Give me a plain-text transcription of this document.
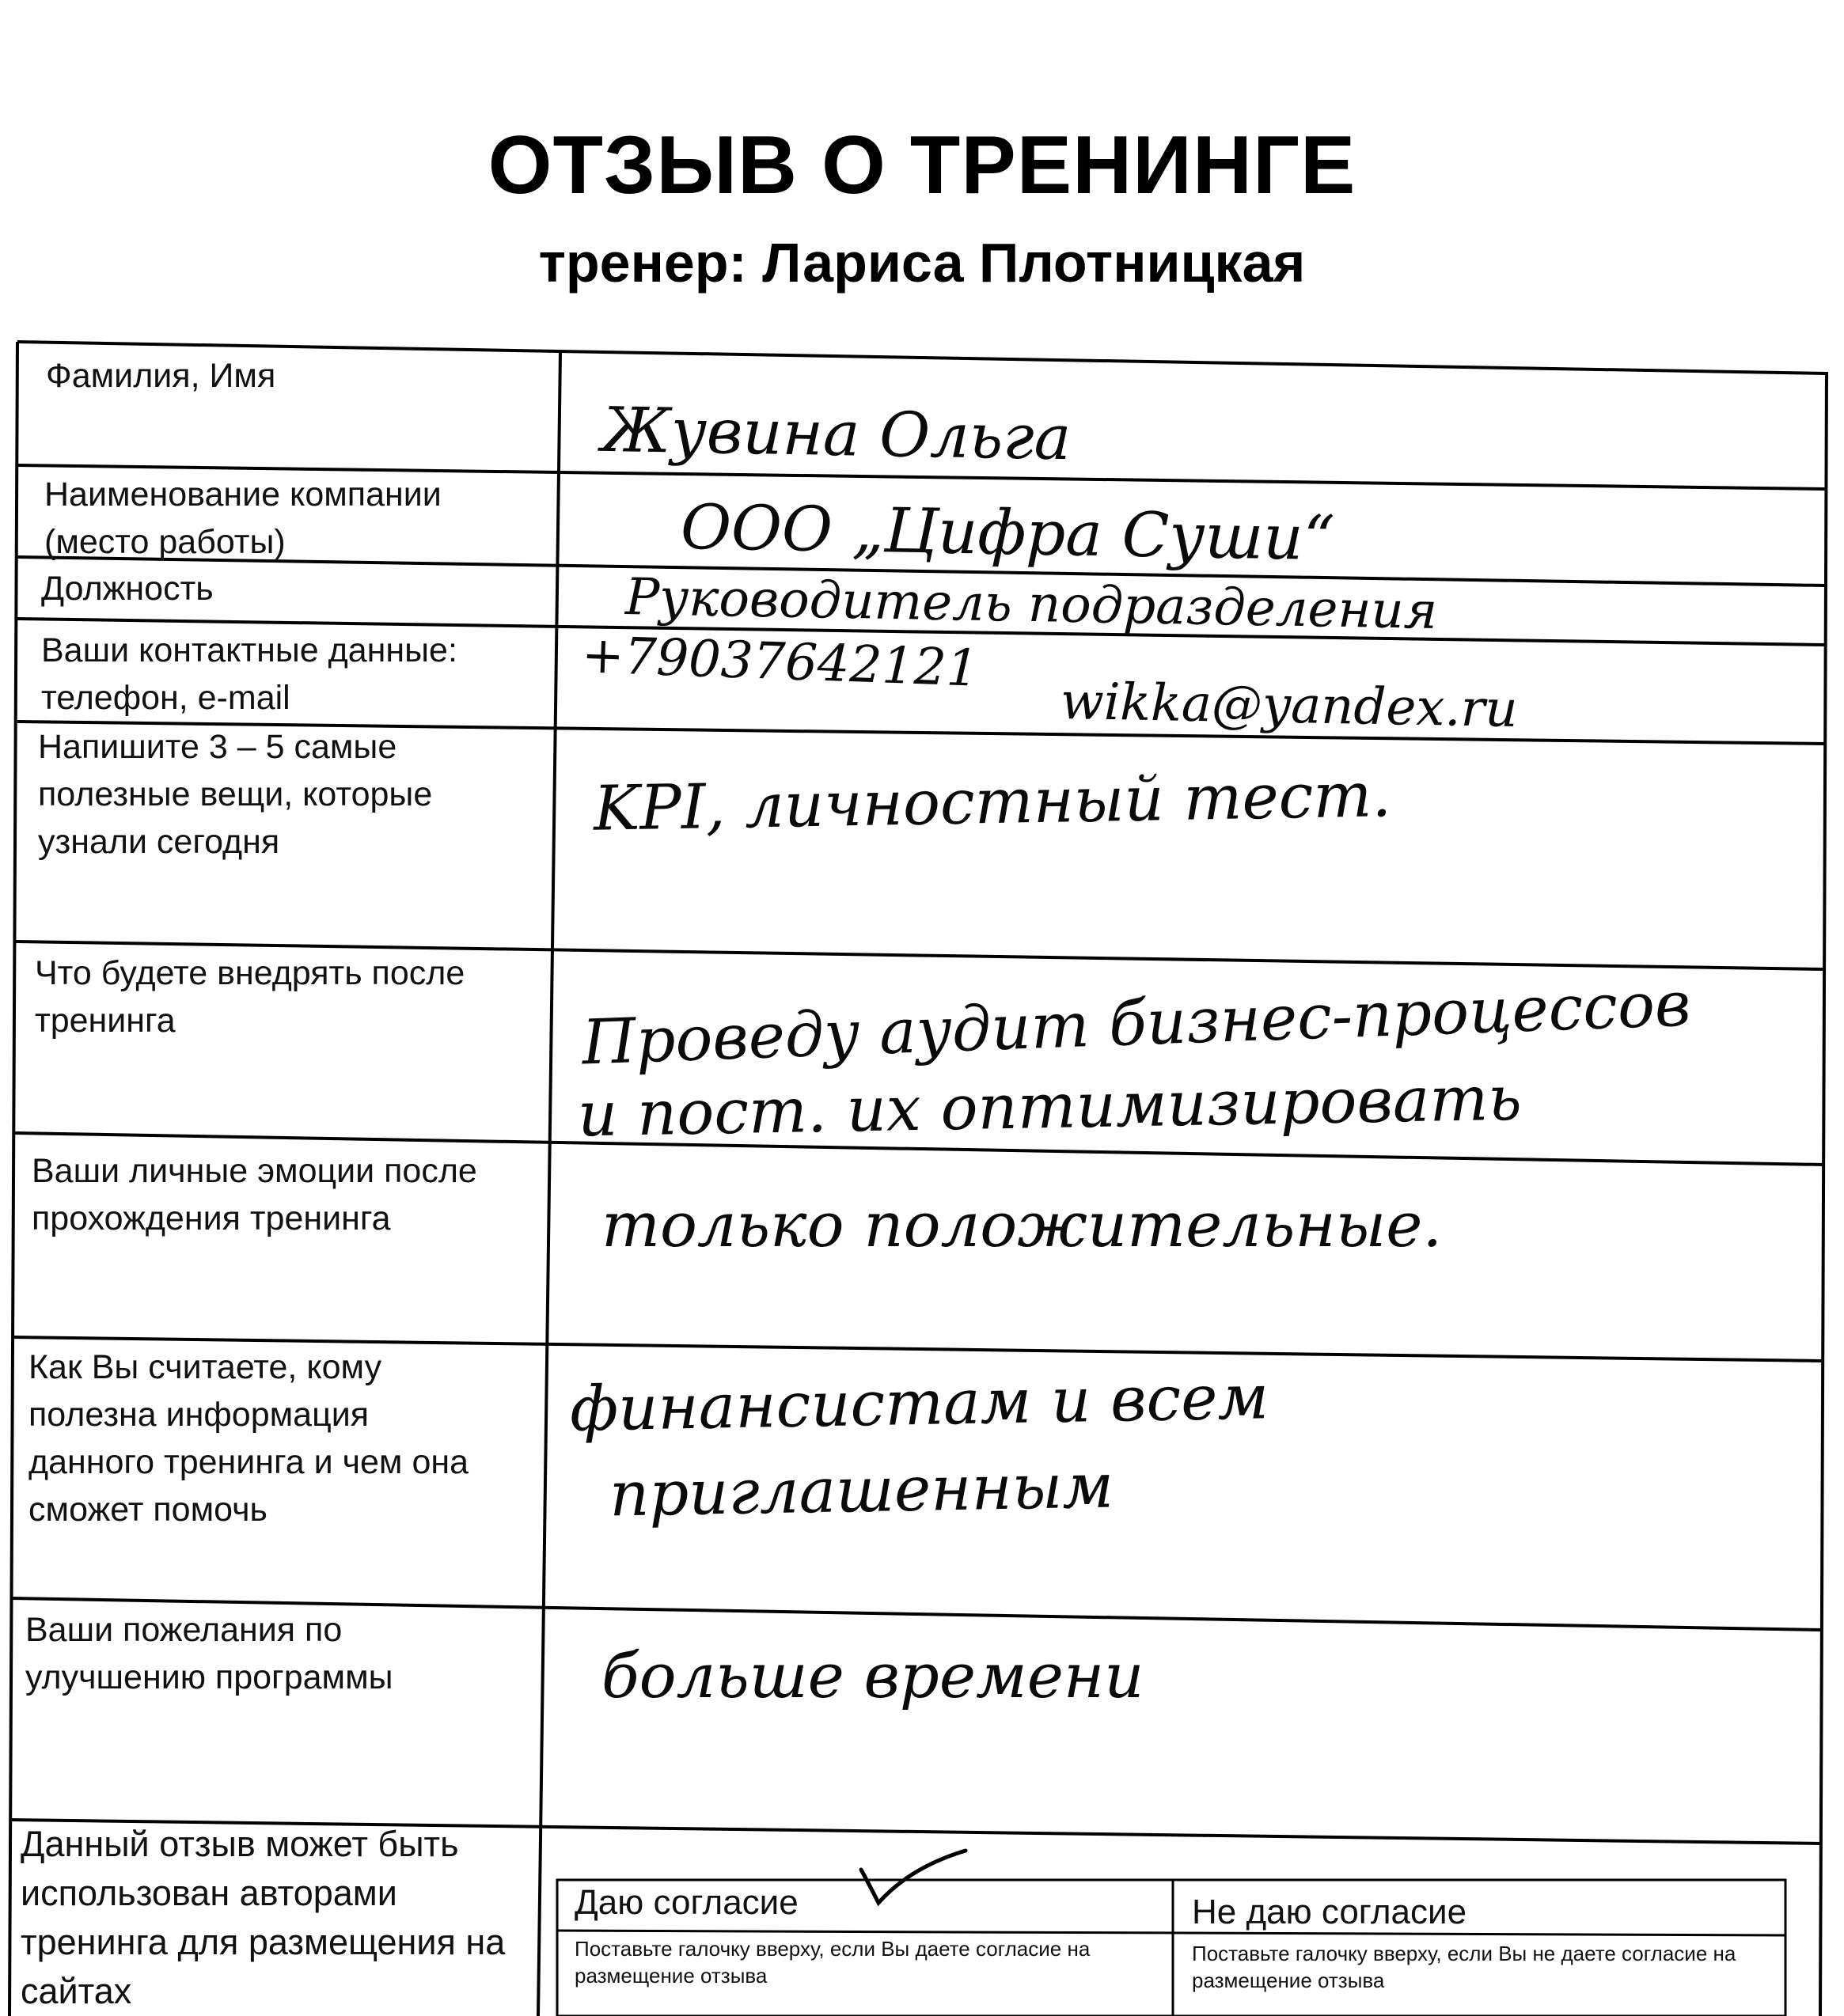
ОТЗЫВ О ТРЕНИНГЕ
тренер: Лариса Плотницкая
Фамилия, Имя
Наименование компании
(место работы)
Должность
Ваши контактные данные:
телефон, e-mail
Напишите 3 – 5 самые
полезные вещи, которые
узнали сегодня
Что будете внедрять после
тренинга
Ваши личные эмоции после
прохождения тренинга
Как Вы считаете, кому
полезна информация
данного тренинга и чем она
сможет помочь
Ваши пожелания по
улучшению программы
Данный отзыв может быть
использован авторами
тренинга для размещения на
сайтах
Жувина Ольга
ООО „Цифра Суши“
Руководитель подразделения
+79037642121
wikka@yandex.ru
KPI, личностный тест.
Проведу аудит бизнес-процессов
и пост. их оптимизировать
только положительные.
финансистам и всем
приглашенным
больше времени
Даю согласие
Поставьте галочку вверху, если Вы даете согласие на размещение отзыва
Не даю согласие
Поставьте галочку вверху, если Вы не даете согласие на размещение отзыва
